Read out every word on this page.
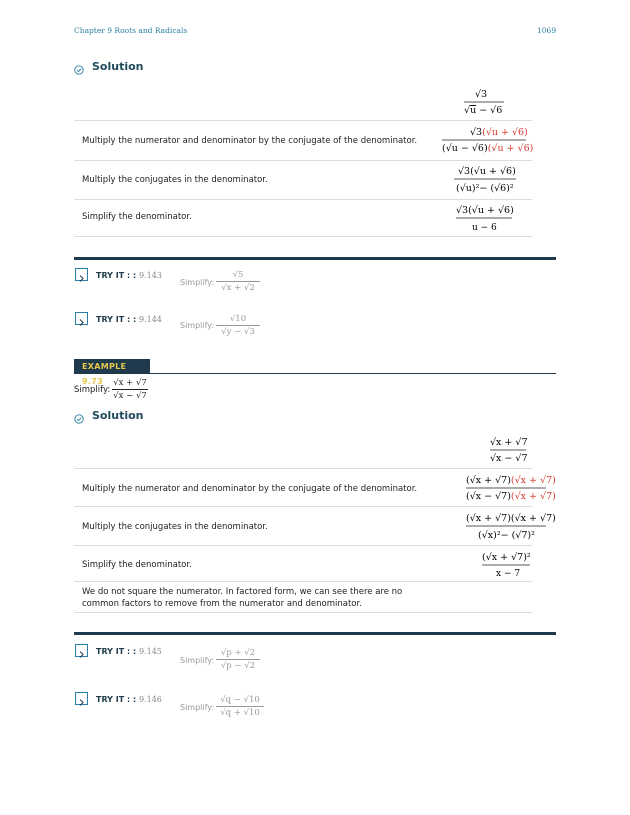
Chapter 9 Roots and Radicals	1069
Solution
√3
√u − √6
Multiply the numerator and denominator by the conjugate of the denominator.
√3(√u + √6)
(√u − √6)(√u + √6)
Multiply the conjugates in the denominator.
√3(√u + √6)
(√u)²− (√6)²
Simplify the denominator.
√3(√u + √6)
u − 6
TRY IT : : 9.143
Simplify:
√5
√x + √2
TRY IT : : 9.144
Simplify:
√10
√y − √3
EXAMPLE 9.73
Simplify:
√x + √7
√x − √7
Solution
√x + √7
√x − √7
Multiply the numerator and denominator by the conjugate of the denominator.
(√x + √7)(√x + √7)
(√x − √7)(√x + √7)
Multiply the conjugates in the denominator.
(√x + √7)(√x + √7)
(√x)²− (√7)²
Simplify the denominator.
(√x + √7)²
x − 7
We do not square the numerator. In factored form, we can see there are no common factors to remove from the numerator and denominator.
TRY IT : : 9.145
Simplify:
√p + √2
√p − √2
TRY IT : : 9.146
Simplify:
√q − √10
√q + √10
